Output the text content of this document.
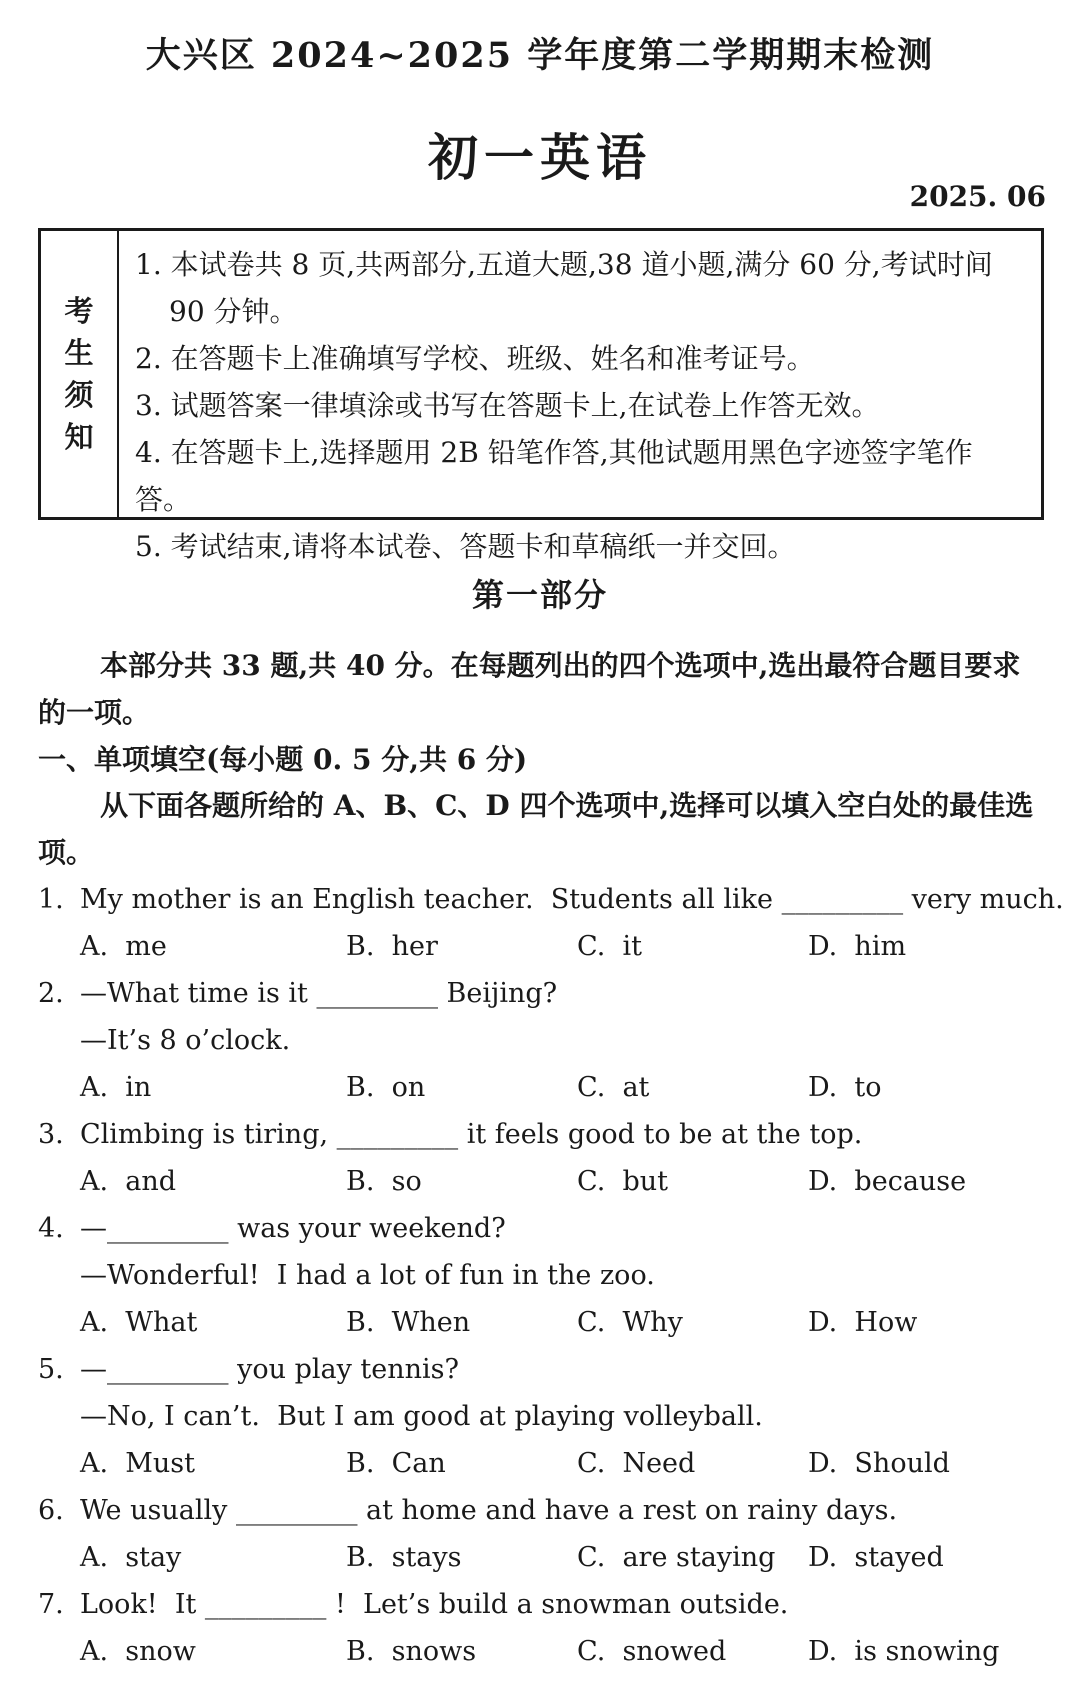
大兴区 2024~2025 学年度第二学期期末检测
初一英语
2025. 06
考
生
须
知

1. 本试卷共 8 页,共两部分,五道大题,38 道小题,满分 60 分,考试时间 90 分钟。

2. 在答题卡上准确填写学校、班级、姓名和准考证号。

3. 试题答案一律填涂或书写在答题卡上,在试卷上作答无效。

4. 在答题卡上,选择题用 2B 铅笔作答,其他试题用黑色字迹签字笔作答。

5. 考试结束,请将本试卷、答题卡和草稿纸一并交回。

第一部分
本部分共 33 题,共 40 分。在每题列出的四个选项中,选出最符合题目要求的一项。
一、单项填空(每小题 0. 5 分,共 6 分)
从下面各题所给的 A、B、C、D 四个选项中,选择可以填入空白处的最佳选项。
1. My mother is an English teacher.  Students all like _________ very much.
A.  me	B.  her	C.  it	D.  him
2. —What time is it _________ Beijing?
—It’s 8 o’clock.
A.  in	B.  on	C.  at	D.  to
3. Climbing is tiring, _________ it feels good to be at the top.
A.  and	B.  so	C.  but	D.  because
4. —_________ was your weekend?
—Wonderful!  I had a lot of fun in the zoo.
A.  What	B.  When	C.  Why	D.  How
5. —_________ you play tennis?
—No, I can’t.  But I am good at playing volleyball.
A.  Must	B.  Can	C.  Need	D.  Should
6. We usually _________ at home and have a rest on rainy days.
A.  stay	B.  stays	C.  are staying	D.  stayed
7. Look!  It _________ !  Let’s build a snowman outside.
A.  snow	B.  snows	C.  snowed	D.  is snowing
